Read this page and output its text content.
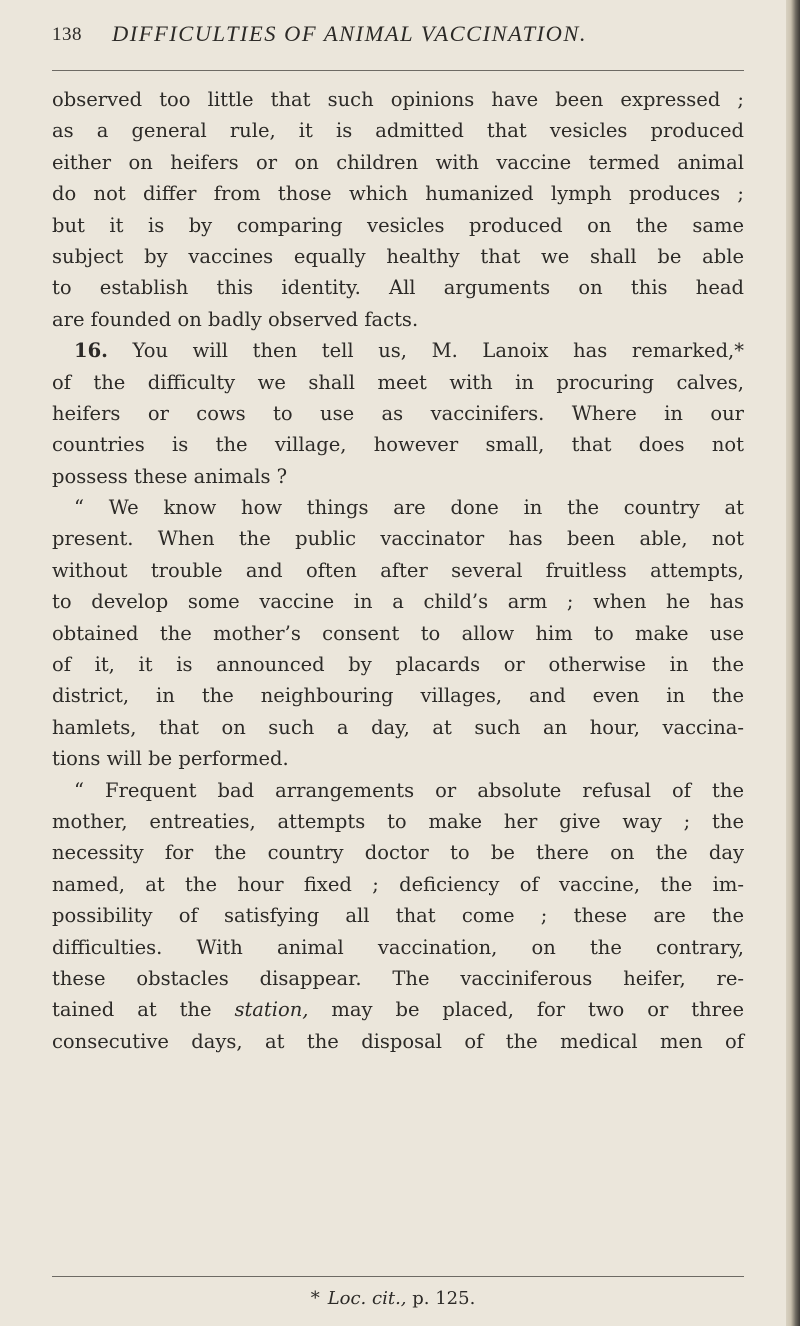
138 DIFFICULTIES OF ANIMAL VACCINATION.
observed too little that such opinions have been expressed ;
as a general rule, it is admitted that vesicles produced
either on heifers or on children with vaccine termed animal
do not differ from those which humanized lymph produces ;
but it is by comparing vesicles produced on the same
subject by vaccines equally healthy that we shall be able
to establish this identity. All arguments on this head
are founded on badly observed facts.
16. You will then tell us, M. Lanoix has remarked,*
of the difficulty we shall meet with in procuring calves,
heifers or cows to use as vaccinifers. Where in our
countries is the village, however small, that does not
possess these animals ?
“ We know how things are done in the country at
present. When the public vaccinator has been able, not
without trouble and often after several fruitless attempts,
to develop some vaccine in a child’s arm ; when he has
obtained the mother’s consent to allow him to make use
of it, it is announced by placards or otherwise in the
district, in the neighbouring villages, and even in the
hamlets, that on such a day, at such an hour, vaccina-
tions will be performed.
“ Frequent bad arrangements or absolute refusal of the
mother, entreaties, attempts to make her give way ; the
necessity for the country doctor to be there on the day
named, at the hour fixed ; deficiency of vaccine, the im-
possibility of satisfying all that come ; these are the
difficulties. With animal vaccination, on the contrary,
these obstacles disappear. The vacciniferous heifer, re-
tained at the station, may be placed, for two or three
consecutive days, at the disposal of the medical men of
* Loc. cit., p. 125.
